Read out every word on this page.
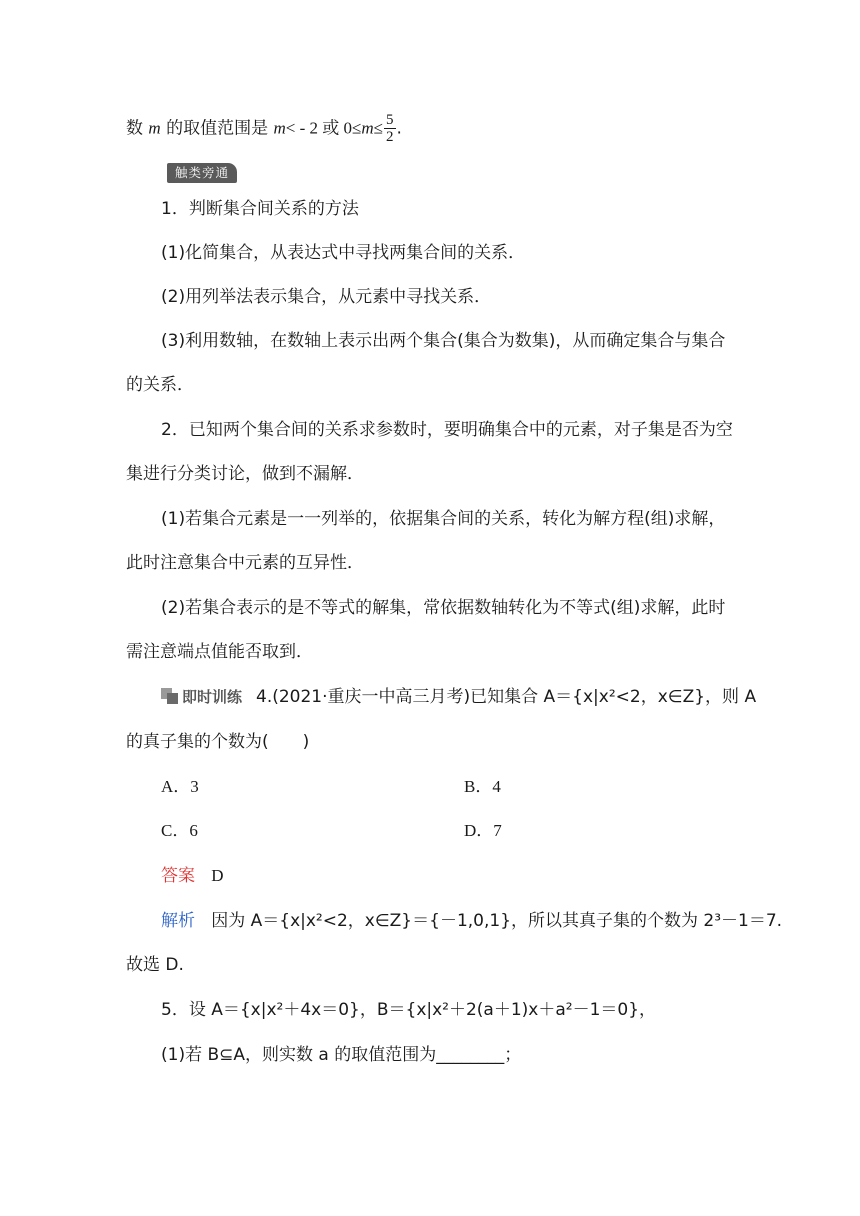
数 m 的取值范围是 m< - 2 或 $0\le m\le \frac{5}{2}$ .
触类旁通
1．判断集合间关系的方法
(1)化简集合，从表达式中寻找两集合间的关系．
(2)用列举法表示集合，从元素中寻找关系．
(3)利用数轴，在数轴上表示出两个集合(集合为数集)，从而确定集合与集合
的关系．
2．已知两个集合间的关系求参数时，要明确集合中的元素，对子集是否为空
集进行分类讨论，做到不漏解．
(1)若集合元素是一一列举的，依据集合间的关系，转化为解方程(组)求解，
此时注意集合中元素的互异性．
(2)若集合表示的是不等式的解集，常依据数轴转化为不等式(组)求解，此时
需注意端点值能否取到．
即时训练 4.(2021·重庆一中高三月考)已知集合 A＝{x|x²<2，x∈Z}，则 A
的真子集的个数为(　　)
A．3	B．4
C．6	D．7
答案 D
解析 因为 A＝{x|x²<2，x∈Z}＝{－1,0,1}，所以其真子集的个数为 2³－1＝7.
故选 D.
5．设 A＝{x|x²＋4x＝0}，B＝{x|x²＋2(a＋1)x＋a²－1＝0}，
(1)若 B⊆A，则实数 a 的取值范围为________；
